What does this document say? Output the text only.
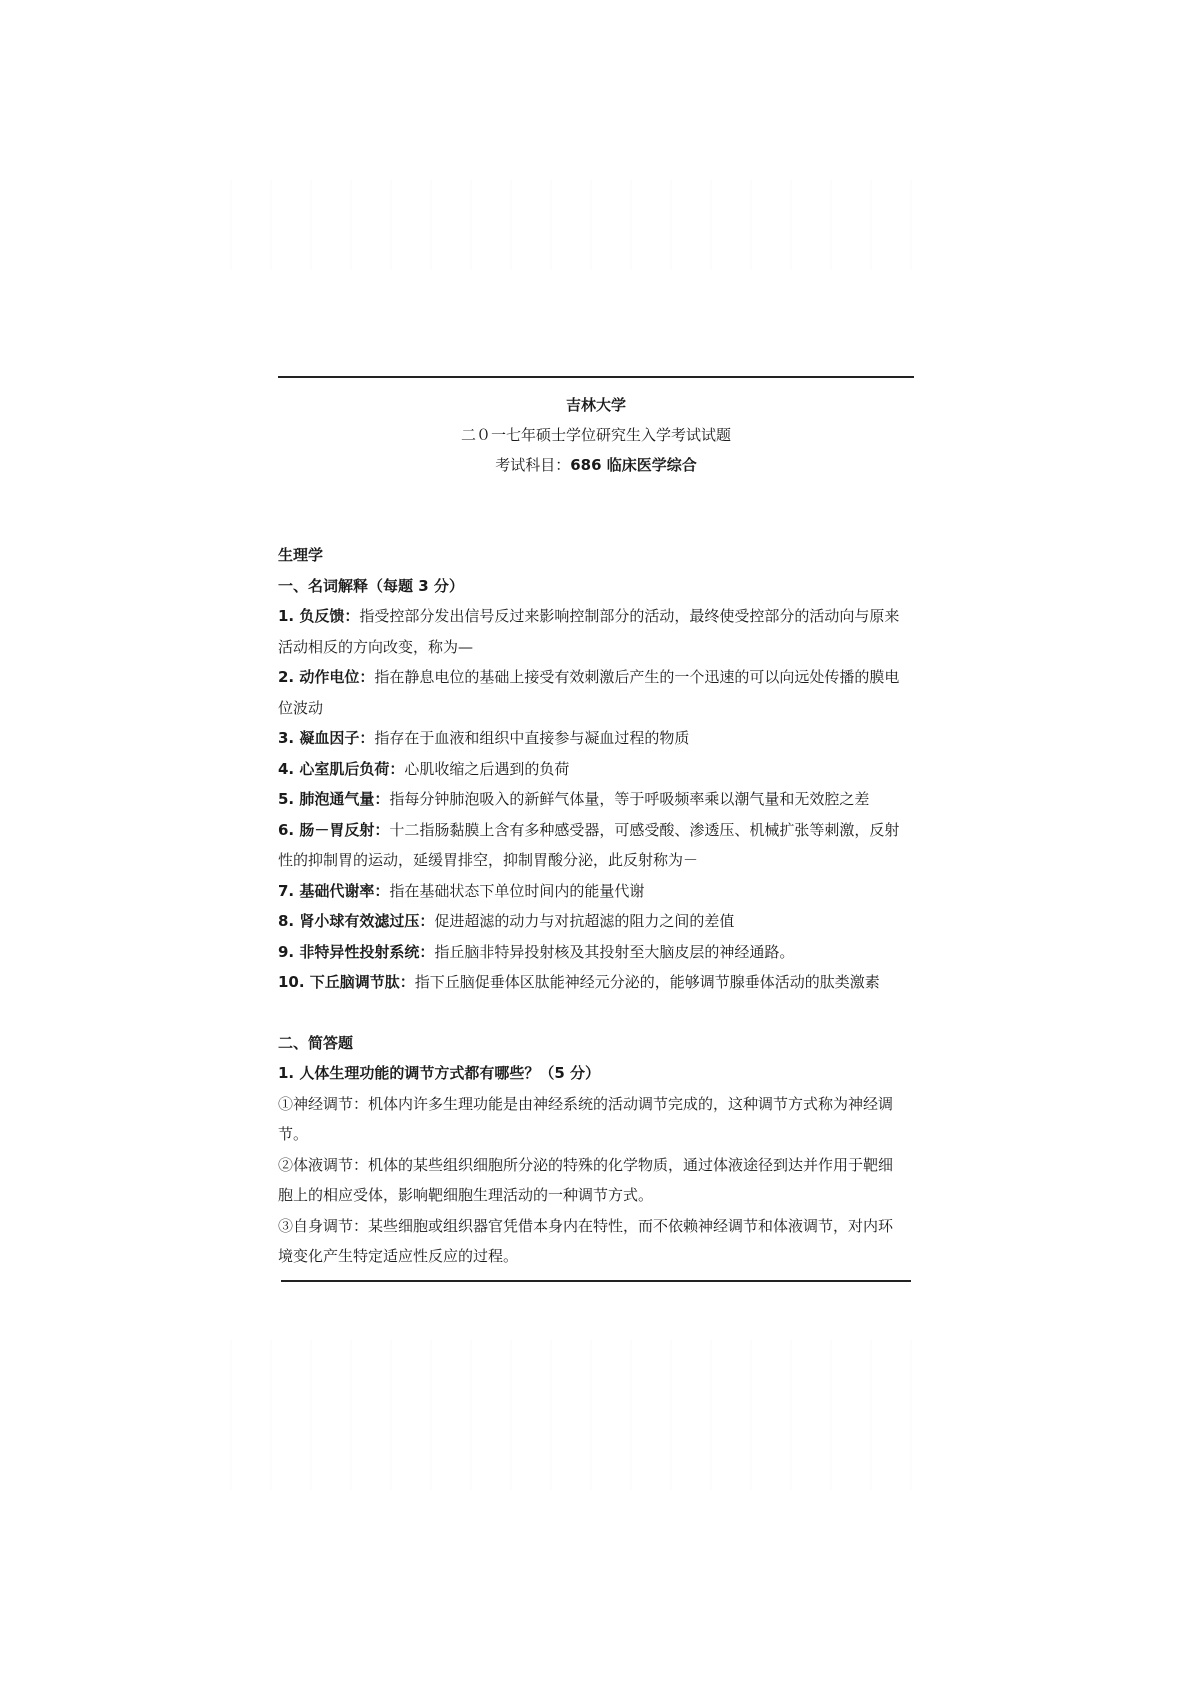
吉林大学
二０一七年硕士学位研究生入学考试试题
考试科目：686 临床医学综合
生理学
一、名词解释（每题 3 分）
1. 负反馈：指受控部分发出信号反过来影响控制部分的活动，最终使受控部分的活动向与原来
活动相反的方向改变，称为—
2. 动作电位：指在静息电位的基础上接受有效刺激后产生的一个迅速的可以向远处传播的膜电
位波动
3. 凝血因子：指存在于血液和组织中直接参与凝血过程的物质
4. 心室肌后负荷：心肌收缩之后遇到的负荷
5. 肺泡通气量：指每分钟肺泡吸入的新鲜气体量，等于呼吸频率乘以潮气量和无效腔之差
6. 肠－胃反射：十二指肠黏膜上含有多种感受器，可感受酸、渗透压、机械扩张等刺激，反射
性的抑制胃的运动，延缓胃排空，抑制胃酸分泌，此反射称为－
7. 基础代谢率：指在基础状态下单位时间内的能量代谢
8. 肾小球有效滤过压：促进超滤的动力与对抗超滤的阻力之间的差值
9. 非特异性投射系统：指丘脑非特异投射核及其投射至大脑皮层的神经通路。
10. 下丘脑调节肽：指下丘脑促垂体区肽能神经元分泌的，能够调节腺垂体活动的肽类激素
二、简答题
1. 人体生理功能的调节方式都有哪些？（5 分）
①神经调节：机体内许多生理功能是由神经系统的活动调节完成的，这种调节方式称为神经调
节。
②体液调节：机体的某些组织细胞所分泌的特殊的化学物质，通过体液途径到达并作用于靶细
胞上的相应受体，影响靶细胞生理活动的一种调节方式。
③自身调节：某些细胞或组织器官凭借本身内在特性，而不依赖神经调节和体液调节，对内环
境变化产生特定适应性反应的过程。
